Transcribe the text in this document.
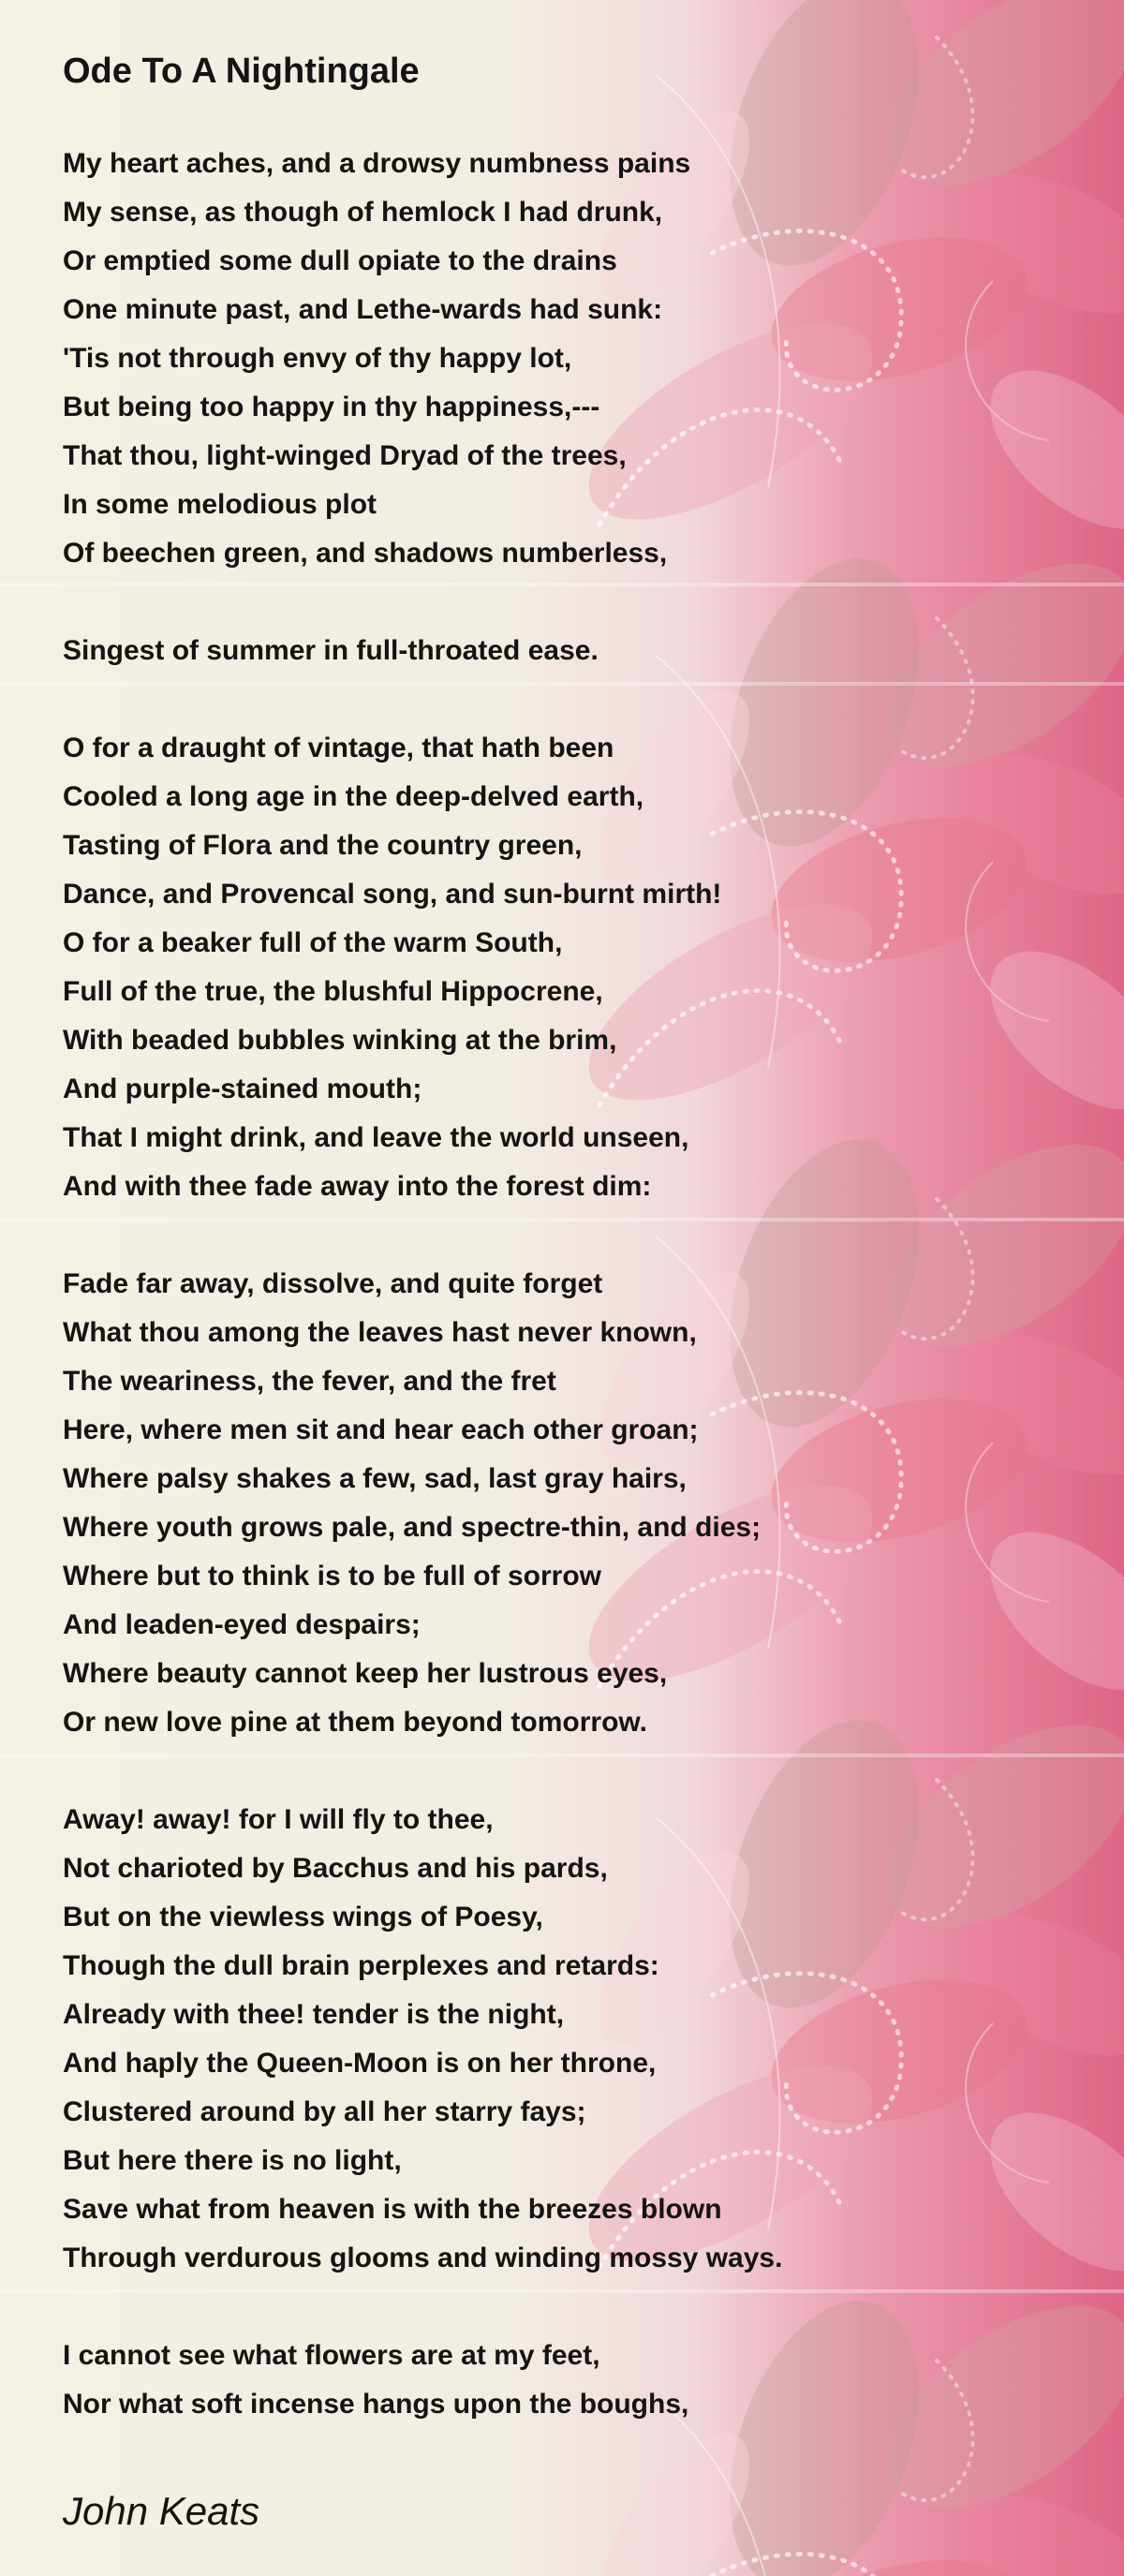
Ode To A Nightingale
My heart aches, and a drowsy numbness pains
My sense, as though of hemlock I had drunk,
Or emptied some dull opiate to the drains
One minute past, and Lethe-wards had sunk:
'Tis not through envy of thy happy lot,
But being too happy in thy happiness,---
That thou, light-winged Dryad of the trees,
In some melodious plot
Of beechen green, and shadows numberless,
Singest of summer in full-throated ease.
O for a draught of vintage, that hath been
Cooled a long age in the deep-delved earth,
Tasting of Flora and the country green,
Dance, and Provencal song, and sun-burnt mirth!
O for a beaker full of the warm South,
Full of the true, the blushful Hippocrene,
With beaded bubbles winking at the brim,
And purple-stained mouth;
That I might drink, and leave the world unseen,
And with thee fade away into the forest dim:
Fade far away, dissolve, and quite forget
What thou among the leaves hast never known,
The weariness, the fever, and the fret
Here, where men sit and hear each other groan;
Where palsy shakes a few, sad, last gray hairs,
Where youth grows pale, and spectre-thin, and dies;
Where but to think is to be full of sorrow
And leaden-eyed despairs;
Where beauty cannot keep her lustrous eyes,
Or new love pine at them beyond tomorrow.
Away! away! for I will fly to thee,
Not charioted by Bacchus and his pards,
But on the viewless wings of Poesy,
Though the dull brain perplexes and retards:
Already with thee! tender is the night,
And haply the Queen-Moon is on her throne,
Clustered around by all her starry fays;
But here there is no light,
Save what from heaven is with the breezes blown
Through verdurous glooms and winding mossy ways.
I cannot see what flowers are at my feet,
Nor what soft incense hangs upon the boughs,
John Keats
